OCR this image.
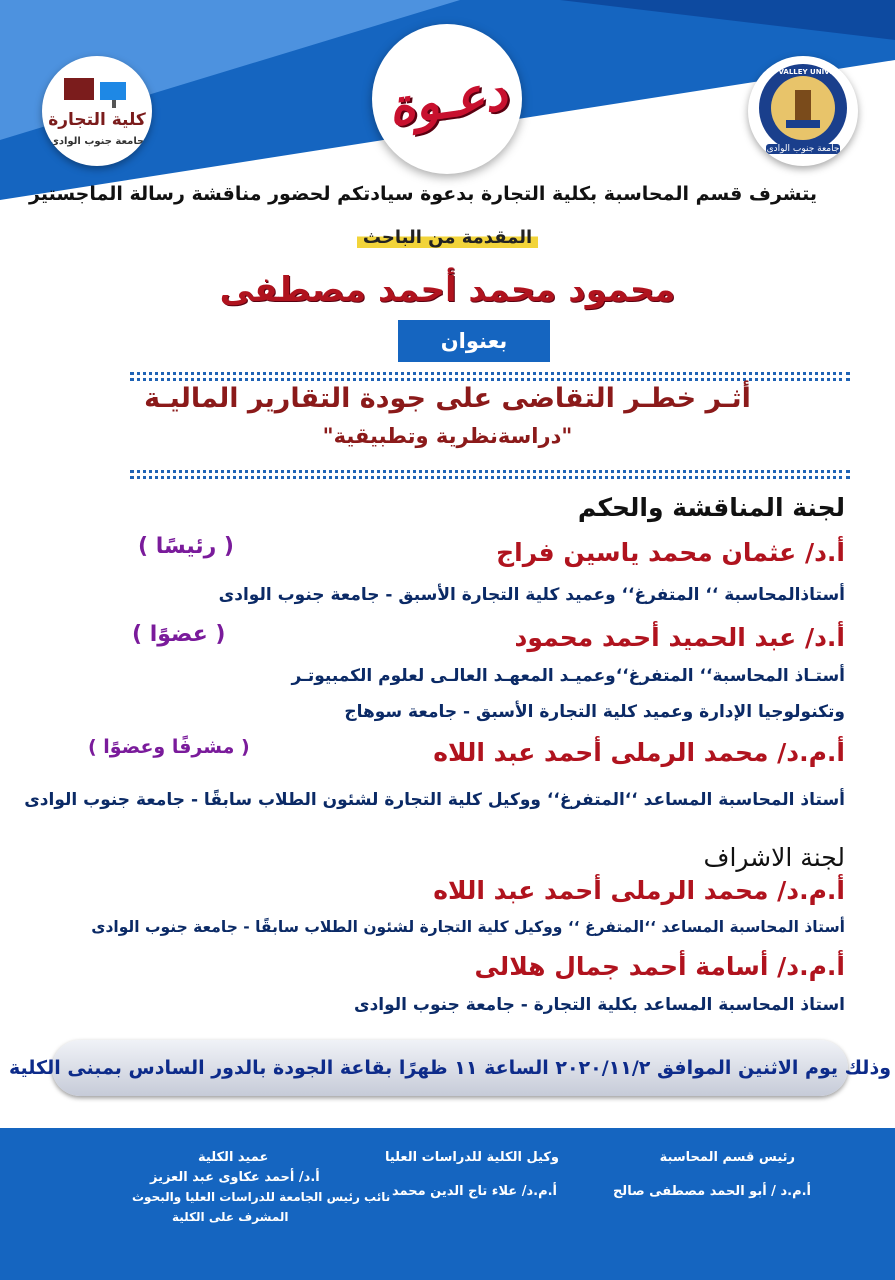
كلية التجارة
جامعة جنوب الوادى
دعـوة	SOUTH VALLEY UNIVERSITY
جامعة جنوب الوادى
يتشرف قسم المحاسبة بكلية التجارة بدعوة سيادتكم لحضور مناقشة رسالة الماجستير
المقدمة من الباحث
محمود محمد أحمد مصطفى
بعنوان
أثـر خطـر التقاضى على جودة التقارير الماليـة
"دراسةنظرية وتطبيقية"
لجنة المناقشة والحكم
أ.د/ عثمان محمد ياسين فراج
( رئيسًا )
أستاذالمحاسبة ‘‘ المتفرغ‘‘ وعميد كلية التجارة الأسبق - جامعة جنوب الوادى
أ.د/ عبد الحميد أحمد محمود
( عضوًا )
أستـاذ المحاسبة‘‘ المتفرغ‘‘وعميـد المعهـد العالـى لعلوم الكمبيوتـر
وتكنولوجيا الإدارة وعميد كلية التجارة الأسبق - جامعة سوهاج
أ.م.د/ محمد الرملى أحمد عبد اللاه
( مشرفًا وعضوًا )
أستاذ المحاسبة المساعد ‘‘المتفرغ‘‘ ووكيل كلية التجارة لشئون الطلاب سابقًا - جامعة جنوب الوادى
لجنة الاشراف
أ.م.د/ محمد الرملى أحمد عبد اللاه
أستاذ المحاسبة المساعد ‘‘المتفرغ ‘‘ ووكيل كلية التجارة لشئون الطلاب سابقًا - جامعة جنوب الوادى
أ.م.د/ أسامة أحمد جمال هلالى
استاذ المحاسبة المساعد بكلية التجارة - جامعة جنوب الوادى
وذلك يوم الاثنين الموافق ٢٠٢٠/١١/٢ الساعة ١١ ظهرًا بقاعة الجودة بالدور السادس بمبنى الكلية
رئيس قسم المحاسبة
أ.م.د / أبو الحمد مصطفى صالح
وكيل الكلية للدراسات العليا
أ.م.د/ علاء تاج الدين محمد
عميد الكلية
أ.د/ أحمد عكاوى عبد العزيز
نائب رئيس الجامعة للدراسات العليا والبحوث
المشرف على الكلية
